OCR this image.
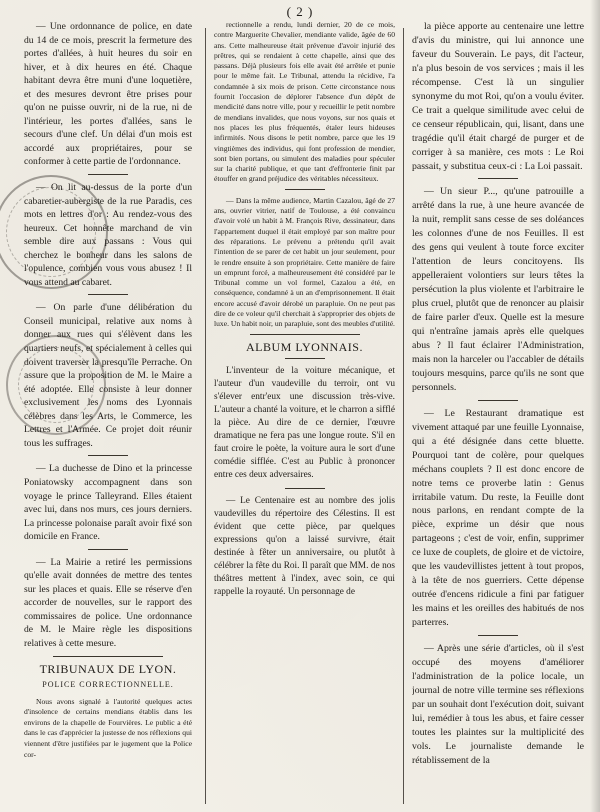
( 2 )

— Une ordonnance de police, en date du 14 de ce mois, prescrit la fermeture des portes d'allées, à huit heures du soir en hiver, et à dix heures en été. Chaque habitant devra être muni d'une loquetière, et des mesures devront être prises pour qu'on ne puisse ouvrir, ni de la rue, ni de l'intérieur, les portes d'allées, sans le secours d'une clef. Un délai d'un mois est accordé aux propriétaires, pour se conformer à cette partie de l'ordonnance.

— On lit au-dessus de la porte d'un cabaretier-aubergiste de la rue Paradis, ces mots en lettres d'or : Au rendez-vous des heureux. Cet honnête marchand de vin semble dire aux passans : Vous qui cherchez le bonheur dans les salons de l'opulence, combien vous vous abusez ! Il vous attend au cabaret.

— On parle d'une délibération du Conseil municipal, relative aux noms à donner aux rues qui s'élèvent dans les quartiers neufs, et spécialement à celles qui doivent traverser la presqu'île Perrache. On assure que la proposition de M. le Maire a été adoptée. Elle consiste à leur donner exclusivement les noms des Lyonnais célèbres dans les Arts, le Commerce, les Lettres et l'Armée. Ce projet doit réunir tous les suffrages.

— La duchesse de Dino et la princesse Poniatowsky accompagnent dans son voyage le prince Talleyrand. Elles étaient avec lui, dans nos murs, ces jours derniers. La princesse polonaise paraît avoir fixé son domicile en France.

— La Mairie a retiré les permissions qu'elle avait données de mettre des tentes sur les places et quais. Elle se réserve d'en accorder de nouvelles, sur le rapport des commissaires de police. Une ordonnance de M. le Maire règle les dispositions relatives à cette mesure.

TRIBUNAUX DE LYON.
POLICE CORRECTIONNELLE.

Nous avons signalé à l'autorité quelques actes d'insolence de certains mendians établis dans les environs de la chapelle de Fourvières. Le public a été dans le cas d'apprécier la justesse de nos réflexions qui viennent d'être justifiées par le jugement que la Police cor-

rectionnelle a rendu, lundi dernier, 20 de ce mois, contre Marguerite Chevalier, mendiante valide, âgée de 60 ans. Cette malheureuse était prévenue d'avoir injurié des prêtres, qui se rendaient à cette chapelle, ainsi que des passans. Déjà plusieurs fois elle avait été arrêtée et punie pour le même fait. Le Tribunal, attendu la récidive, l'a condamnée à six mois de prison. Cette circonstance nous fournit l'occasion de déplorer l'absence d'un dépôt de mendicité dans notre ville, pour y recueillir le petit nombre de mendians invalides, que nous voyons, sur nos quais et nos places les plus fréquentés, étaler leurs hideuses infirmités. Nous disons le petit nombre, parce que les 19 vingtièmes des individus, qui font profession de mendier, sont bien portans, ou simulent des maladies pour spéculer sur la charité publique, et que tant d'effronterie finit par étouffer en grand préjudice des véritables nécessiteux.

— Dans la même audience, Martin Cazalou, âgé de 27 ans, ouvrier vitrier, natif de Toulouse, a été convaincu d'avoir volé un habit à M. François Rive, dessinateur, dans l'appartement duquel il était employé par son maître pour des réparations. Le prévenu a prétendu qu'il avait l'intention de se parer de cet habit un jour seulement, pour le rendre ensuite à son propriétaire. Cette manière de faire un emprunt forcé, a malheureusement été considéré par le Tribunal comme un vol formel, Cazalou a été, en conséquence, condamné à un an d'emprisonnement. Il était encore accusé d'avoir dérobé un parapluie. On ne peut pas dire de ce voleur qu'il cherchait à s'approprier des objets de luxe. Un habit noir, un parapluie, sont des meubles d'utilité.

ALBUM LYONNAIS.

L'inventeur de la voiture mécanique, et l'auteur d'un vaudeville du terroir, ont vu s'élever entr'eux une discussion très-vive. L'auteur a chanté la voiture, et le charron a sifflé la pièce. Au dire de ce dernier, l'œuvre dramatique ne fera pas une longue route. S'il en faut croire le poète, la voiture aura le sort d'une comédie sifflée. C'est au Public à prononcer entre ces deux adversaires.

— Le Centenaire est au nombre des jolis vaudevilles du répertoire des Célestins. Il est évident que cette pièce, par quelques expressions qu'on a laissé survivre, était destinée à fêter un anniversaire, ou plutôt à célébrer la fête du Roi. Il paraît que MM. de nos théâtres mettent à l'index, avec soin, ce qui rappelle la royauté. Un personnage de

la pièce apporte au centenaire une lettre d'avis du ministre, qui lui annonce une faveur du Souverain. Le pays, dit l'acteur, n'a plus besoin de vos services ; mais il les récompense. C'est là un singulier synonyme du mot Roi, qu'on a voulu éviter. Ce trait a quelque similitude avec celui de ce censeur républicain, qui, lisant, dans une tragédie qu'il était chargé de purger et de corriger à sa manière, ces mots : Le Roi passait, y substitua ceux-ci : La Loi passait.

— Un sieur P..., qu'une patrouille a arrêté dans la rue, à une heure avancée de la nuit, remplit sans cesse de ses doléances les colonnes d'une de nos Feuilles. Il est des gens qui veulent à toute force exciter l'attention de leurs concitoyens. Ils appelleraient volontiers sur leurs têtes la persécution la plus violente et l'arbitraire le plus cruel, plutôt que de renoncer au plaisir de faire parler d'eux. Quelle est la mesure qui n'entraîne jamais après elle quelques abus ? Il faut éclairer l'Administration, mais non la harceler ou l'accabler de détails toujours mesquins, parce qu'ils ne sont que personnels.

— Le Restaurant dramatique est vivement attaqué par une feuille Lyonnaise, qui a été désignée dans cette bluette. Pourquoi tant de colère, pour quelques méchans couplets ? Il est donc encore de notre tems ce proverbe latin : Genus irritabile vatum. Du reste, la Feuille dont nous parlons, en rendant compte de la pièce, exprime un désir que nous partageons ; c'est de voir, enfin, supprimer ce luxe de couplets, de gloire et de victoire, que les vaudevillistes jettent à tout propos, à la tête de nos guerriers. Cette dépense outrée d'encens ridicule a fini par fatiguer les mains et les oreilles des habitués de nos parterres.

— Après une série d'articles, où il s'est occupé des moyens d'améliorer l'administration de la police locale, un journal de notre ville termine ses réflexions par un souhait dont l'exécution doit, suivant lui, remédier à tous les abus, et faire cesser toutes les plaintes sur la multiplicité des vols. Le journaliste demande le rétablissement de la
